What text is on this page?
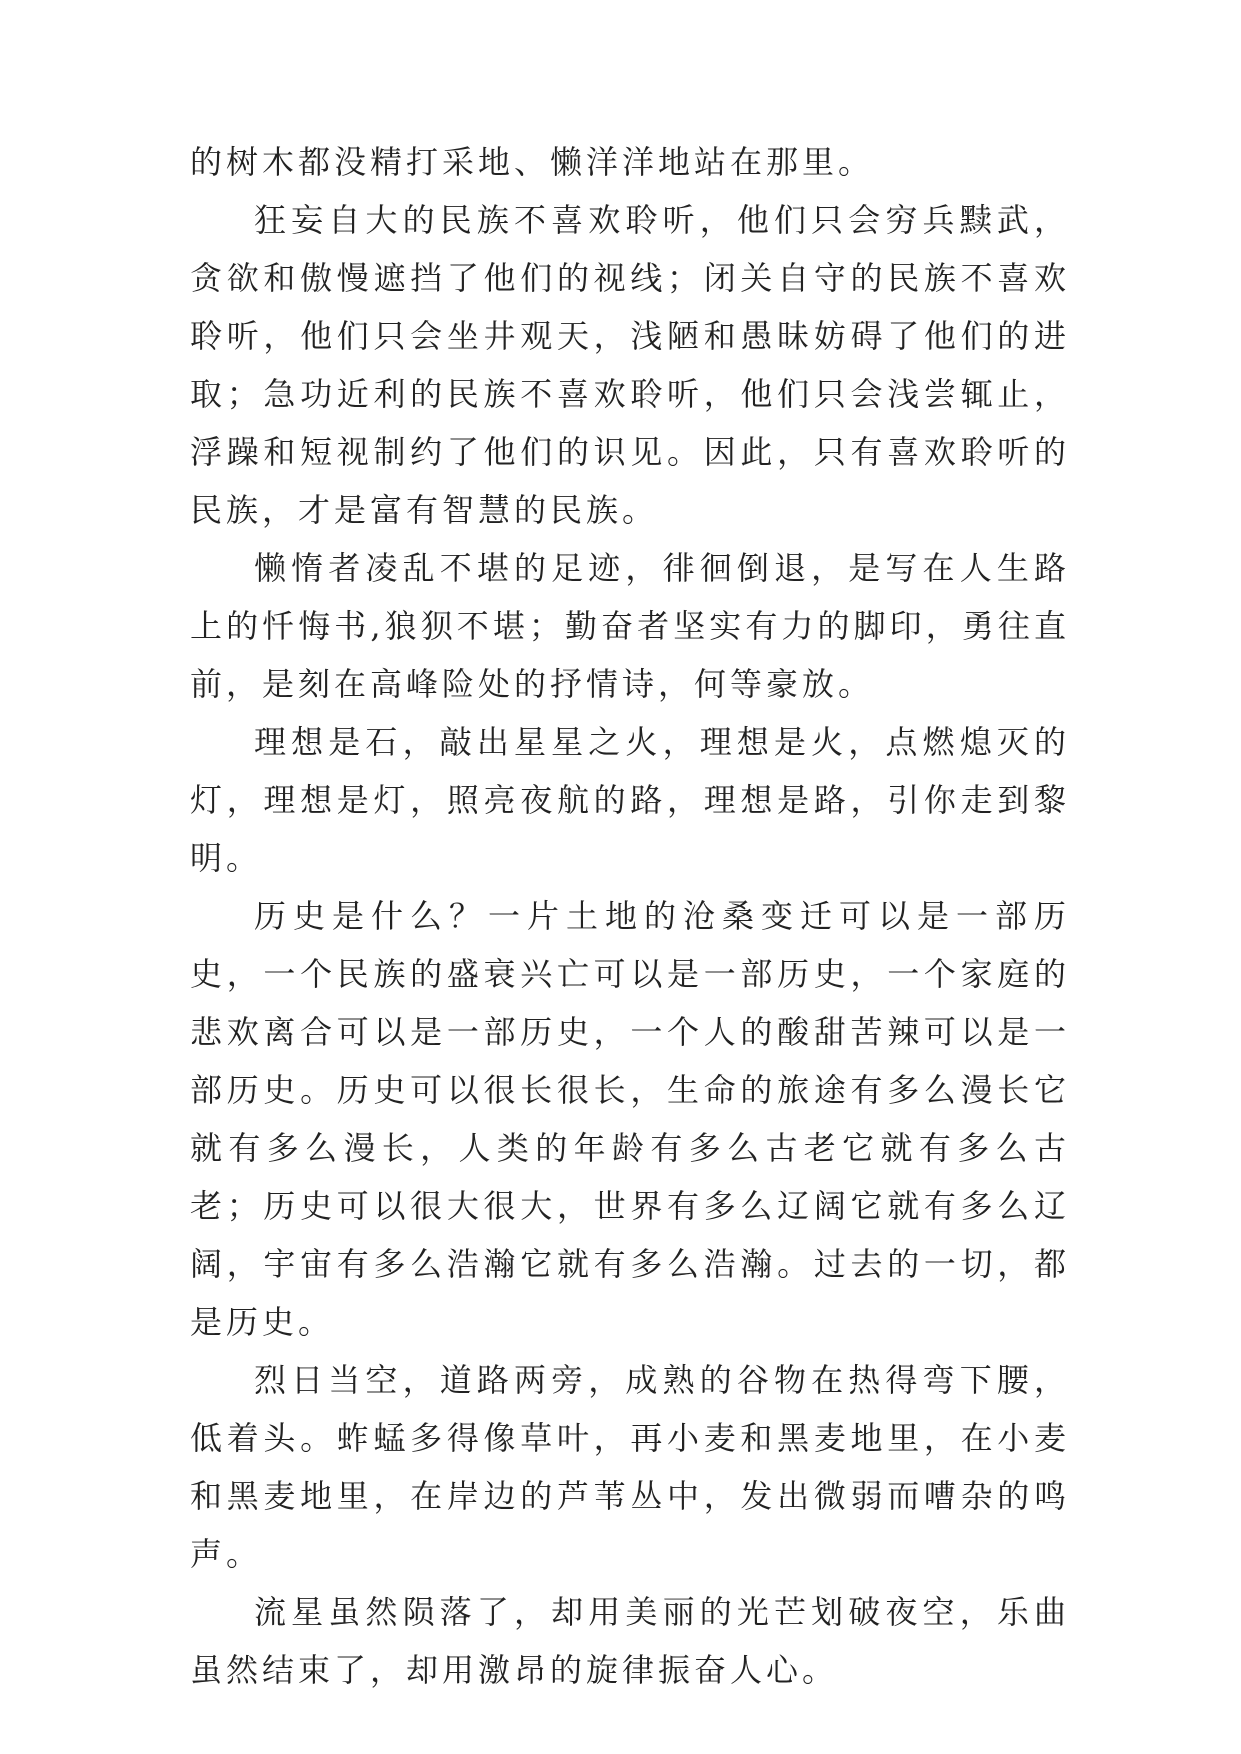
的树木都没精打采地、懒洋洋地站在那里。

狂妄自大的民族不喜欢聆听，他们只会穷兵黩武，贪欲和傲慢遮挡了他们的视线；闭关自守的民族不喜欢聆听，他们只会坐井观天，浅陋和愚昧妨碍了他们的进取；急功近利的民族不喜欢聆听，他们只会浅尝辄止，浮躁和短视制约了他们的识见。因此，只有喜欢聆听的民族，才是富有智慧的民族。

懒惰者凌乱不堪的足迹，徘徊倒退，是写在人生路上的忏悔书,狼狈不堪；勤奋者坚实有力的脚印，勇往直前，是刻在高峰险处的抒情诗，何等豪放。

理想是石，敲出星星之火，理想是火，点燃熄灭的灯，理想是灯，照亮夜航的路，理想是路，引你走到黎明。

历史是什么？一片土地的沧桑变迁可以是一部历史，一个民族的盛衰兴亡可以是一部历史，一个家庭的悲欢离合可以是一部历史，一个人的酸甜苦辣可以是一部历史。历史可以很长很长，生命的旅途有多么漫长它就有多么漫长，人类的年龄有多么古老它就有多么古老；历史可以很大很大，世界有多么辽阔它就有多么辽阔，宇宙有多么浩瀚它就有多么浩瀚。过去的一切，都是历史。

烈日当空，道路两旁，成熟的谷物在热得弯下腰，低着头。蚱蜢多得像草叶，再小麦和黑麦地里，在小麦和黑麦地里，在岸边的芦苇丛中，发出微弱而嘈杂的鸣声。

流星虽然陨落了，却用美丽的光芒划破夜空，乐曲虽然结束了，却用激昂的旋律振奋人心。
